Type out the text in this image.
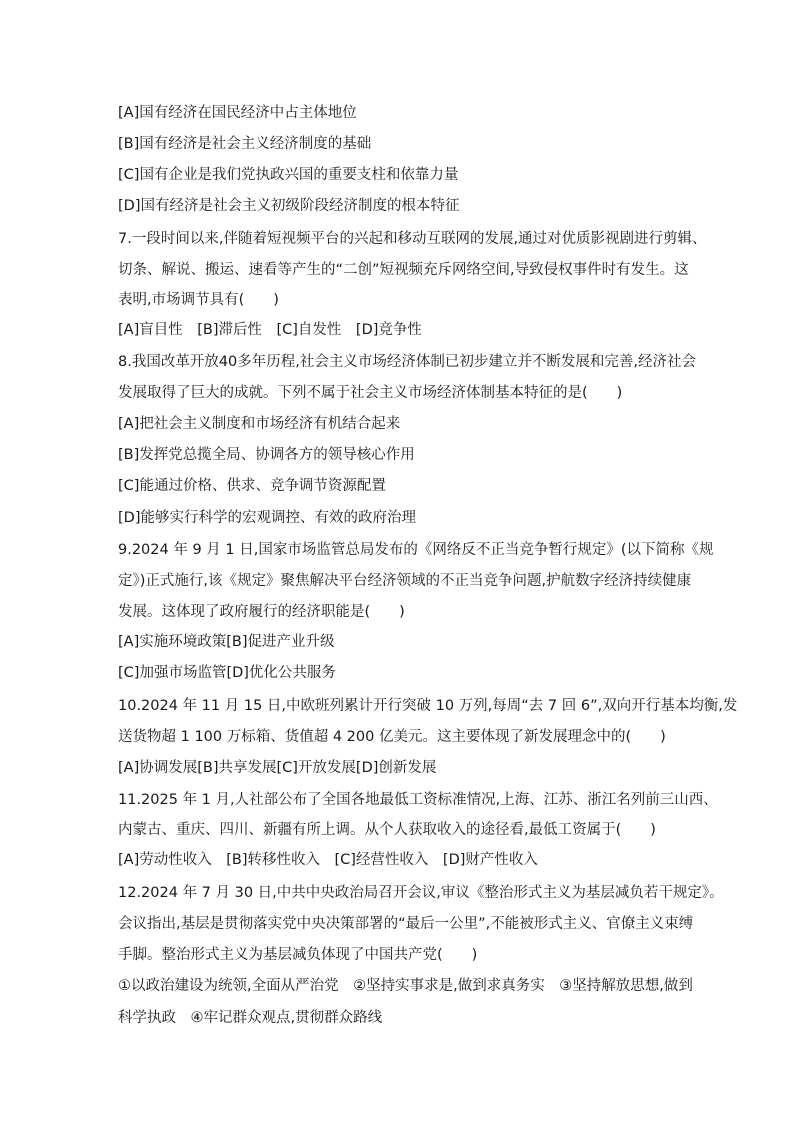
[A]国有经济在国民经济中占主体地位
[B]国有经济是社会主义经济制度的基础
[C]国有企业是我们党执政兴国的重要支柱和依靠力量
[D]国有经济是社会主义初级阶段经济制度的根本特征
7.一段时间以来,伴随着短视频平台的兴起和移动互联网的发展,通过对优质影视剧进行剪辑、
切条、解说、搬运、速看等产生的“二创”短视频充斥网络空间,导致侵权事件时有发生。这
表明,市场调节具有(　　)
[A]盲目性　[B]滞后性　[C]自发性　[D]竞争性
8.我国改革开放40多年历程,社会主义市场经济体制已初步建立并不断发展和完善,经济社会
发展取得了巨大的成就。下列不属于社会主义市场经济体制基本特征的是(　　)
[A]把社会主义制度和市场经济有机结合起来
[B]发挥党总揽全局、协调各方的领导核心作用
[C]能通过价格、供求、竞争调节资源配置
[D]能够实行科学的宏观调控、有效的政府治理
9.2024 年 9 月 1 日,国家市场监管总局发布的《网络反不正当竞争暂行规定》(以下简称《规
定》)正式施行,该《规定》聚焦解决平台经济领域的不正当竞争问题,护航数字经济持续健康
发展。这体现了政府履行的经济职能是(　　)
[A]实施环境政策[B]促进产业升级
[C]加强市场监管[D]优化公共服务
10.2024 年 11 月 15 日,中欧班列累计开行突破 10 万列,每周“去 7 回 6”,双向开行基本均衡,发
送货物超 1 100 万标箱、货值超 4 200 亿美元。这主要体现了新发展理念中的(　　)
[A]协调发展[B]共享发展[C]开放发展[D]创新发展
11.2025 年 1 月,人社部公布了全国各地最低工资标准情况,上海、江苏、浙江名列前三山西、
内蒙古、重庆、四川、新疆有所上调。从个人获取收入的途径看,最低工资属于(　　)
[A]劳动性收入　[B]转移性收入　[C]经营性收入　[D]财产性收入
12.2024 年 7 月 30 日,中共中央政治局召开会议,审议《整治形式主义为基层减负若干规定》。
会议指出,基层是贯彻落实党中央决策部署的“最后一公里”,不能被形式主义、官僚主义束缚
手脚。整治形式主义为基层减负体现了中国共产党(　　)
①以政治建设为统领,全面从严治党　②坚持实事求是,做到求真务实　③坚持解放思想,做到
科学执政　④牢记群众观点,贯彻群众路线
